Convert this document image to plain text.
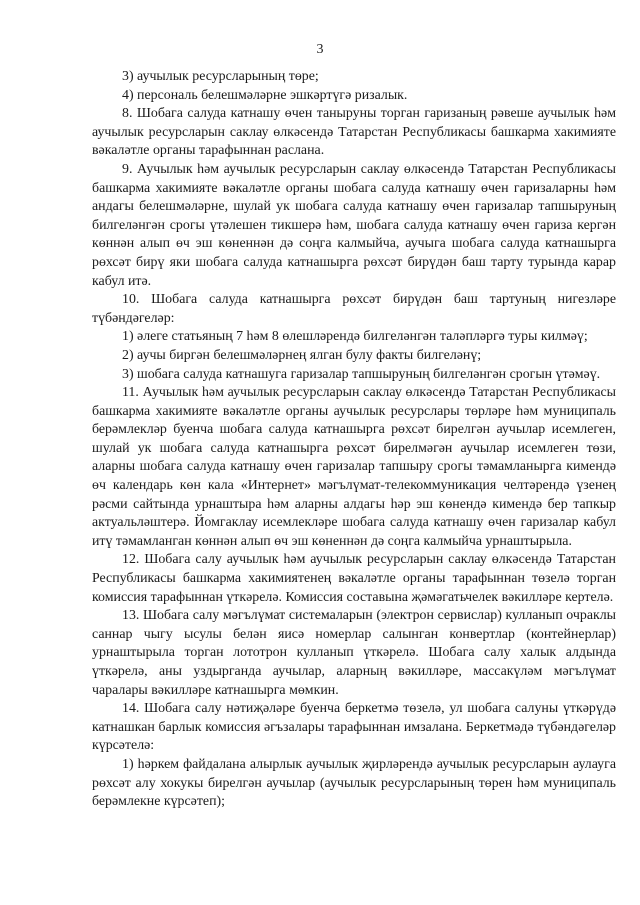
3

3) аучылык ресурсларының төре;

4) персональ белешмәләрне эшкәртүгә ризалык.

8. Шобага салуда катнашу өчен таныруны торган гаризаның рәвеше аучылык һәм аучылык ресурсларын саклау өлкәсендә Татарстан Республикасы башкарма хакимияте вәкаләтле органы тарафыннан раслана.

9. Аучылык һәм аучылык ресурсларын саклау өлкәсендә Татарстан Республикасы башкарма хакимияте вәкаләтле органы шобага салуда катнашу өчен гаризаларны һәм андагы белешмәләрне, шулай ук шобага салуда катнашу өчен гаризалар тапшыруның билгеләнгән срогы үтәлешен тикшерә һәм, шобага салуда катнашу өчен гариза кергән көннән алып өч эш көненнән дә соңга калмыйча, аучыга шобага салуда катнашырга рөхсәт бирү яки шобага салуда катнашырга рөхсәт бирүдән баш тарту турында карар кабул итә.

10. Шобага салуда катнашырга рөхсәт бирүдән баш тартуның нигезләре түбәндәгеләр:

1) әлеге статьяның 7 һәм 8 өлешләрендә билгеләнгән таләпләргә туры килмәү;

2) аучы биргән белешмәләрнең ялган булу факты билгеләнү;

3) шобага салуда катнашуга гаризалар тапшыруның билгеләнгән срогын үтәмәү.

11. Аучылык һәм аучылык ресурсларын саклау өлкәсендә Татарстан Республикасы башкарма хакимияте вәкаләтле органы аучылык ресурслары төрләре һәм муниципаль берәмлекләр буенча шобага салуда катнашырга рөхсәт бирелгән аучылар исемлеген, шулай ук шобага салуда катнашырга рөхсәт бирелмәгән аучылар исемлеген төзи, аларны шобага салуда катнашу өчен гаризалар тапшыру срогы тәмамланырга кимендә өч календарь көн кала «Интернет» мәгълүмат-телекоммуникация челтәрендә үзенең рәсми сайтында урнаштыра һәм аларны алдагы һәр эш көнендә кимендә бер тапкыр актуальләштерә. Йомгаклау исемлекләре шобага салуда катнашу өчен гаризалар кабул итү тәмамланган көннән алып өч эш көненнән дә соңга калмыйча урнаштырыла.

12. Шобага салу аучылык һәм аучылык ресурсларын саклау өлкәсендә Татарстан Республикасы башкарма хакимиятенең вәкаләтле органы тарафыннан төзелә торган комиссия тарафыннан үткәрелә. Комиссия составына җәмәгатьчелек вәкилләре кертелә.

13. Шобага салу мәгълүмат системаларын (электрон сервислар) кулланып очраклы саннар чыгу ысулы белән яисә номерлар салынган конвертлар (контейнерлар) урнаштырыла торган лототрон кулланып үткәрелә. Шобага салу халык алдында үткәрелә, аны уздырганда аучылар, аларның вәкилләре, массакүләм мәгълүмат чаралары вәкилләре катнашырга мөмкин.

14. Шобага салу нәтиҗәләре буенча беркетмә төзелә, ул шобага салуны үткәрүдә катнашкан барлык комиссия әгъзалары тарафыннан имзалана. Беркетмәдә түбәндәгеләр күрсәтелә:

1) һәркем файдалана алырлык аучылык җирләрендә аучылык ресурсларын аулауга рөхсәт алу хокукы бирелгән аучылар (аучылык ресурсларының төрен һәм муниципаль берәмлекне күрсәтеп);
